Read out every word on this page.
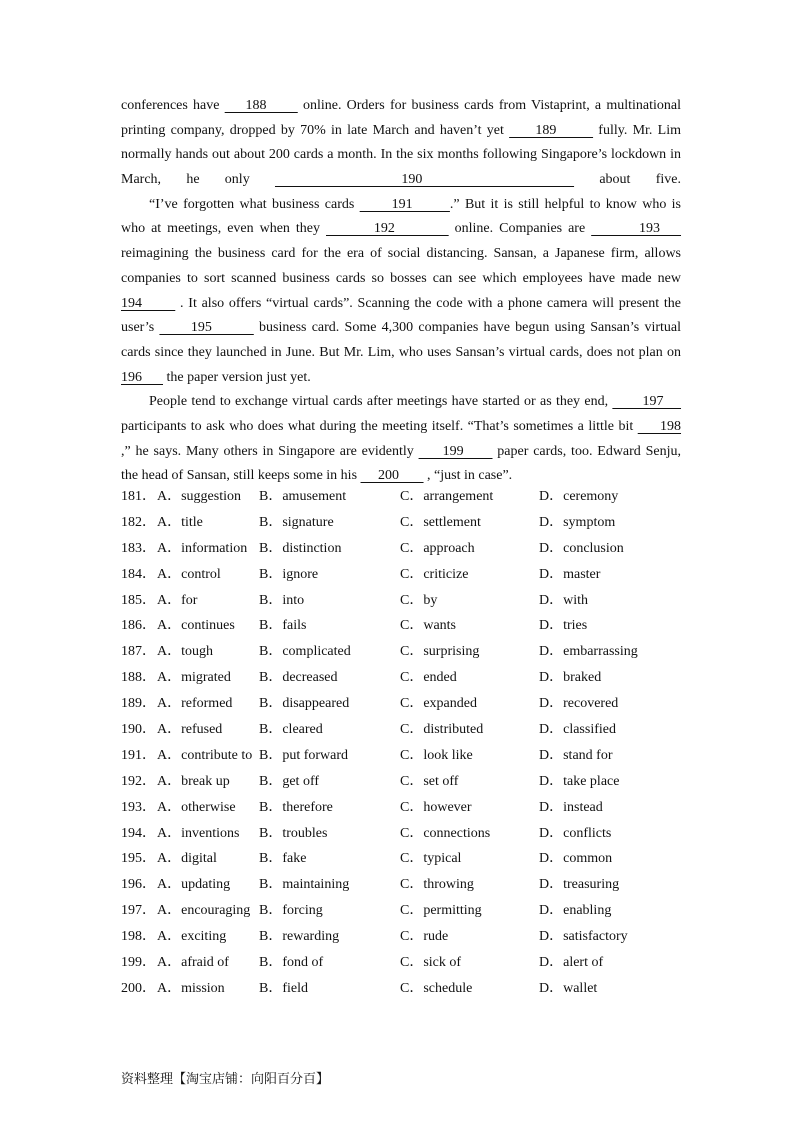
conferences have     188       online. Orders for business cards from Vistaprint, a multinational
printing company, dropped by 70% in late March and haven’t yet      189        fully. Mr. Lim
normally hands out about 200 cards a month. In the six months following Singapore’s lockdown in
March, he only      190       about five.
“I’ve forgotten what business cards       191       .” But it is still helpful to know who is
who at meetings, even when they         192          online. Companies are         193
reimagining the business card for the era of social distancing. Sansan, a Japanese firm, allows
companies to sort scanned business cards so bosses can see which employees have made new
194        . It also offers “virtual cards”. Scanning the code with a phone camera will present the
user’s       195         business card. Some 4,300 companies have begun using Sansan’s virtual
cards since they launched in June. But Mr. Lim, who uses Sansan’s virtual cards, does not plan on
196       the paper version just yet.
People tend to exchange virtual cards after meetings have started or as they end,        197
participants to ask who does what during the meeting itself. “That’s sometimes a little bit      198
,” he says. Many others in Singapore are evidently      199       paper cards, too. Edward Senju,
the head of Sansan, still keeps some in his      200        , “just in case”.
181． A．suggestion B．amusement	C．arrangement	D．ceremony
182． A．title	B．signature	C．settlement	D．symptom
183． A．information B．distinction	C．approach	D．conclusion
184． A．control	B．ignore	C．criticize	D．master
185． A．for	B．into	C．by	D．with
186． A．continues B．fails	C．wants	D．tries
187． A．tough	B．complicated	C．surprising	D．embarrassing
188． A．migrated B．decreased	C．ended	D．braked
189． A．reformed B．disappeared	C．expanded	D．recovered
190． A．refused	B．cleared	C．distributed	D．classified
191． A．contribute to B．put forward	C．look like	D．stand for
192． A．break up B．get off	C．set off	D．take place
193． A．otherwise B．therefore	C．however	D．instead
194． A．inventions B．troubles	C．connections	D．conflicts
195． A．digital	B．fake	C．typical	D．common
196． A．updating B．maintaining	C．throwing	D．treasuring
197． A．encouraging B．forcing	C．permitting	D．enabling
198． A．exciting B．rewarding	C．rude	D．satisfactory
199． A．afraid of B．fond of	C．sick of	D．alert of
200． A．mission B．field	C．schedule	D．wallet
资料整理【淘宝店铺：向阳百分百】
